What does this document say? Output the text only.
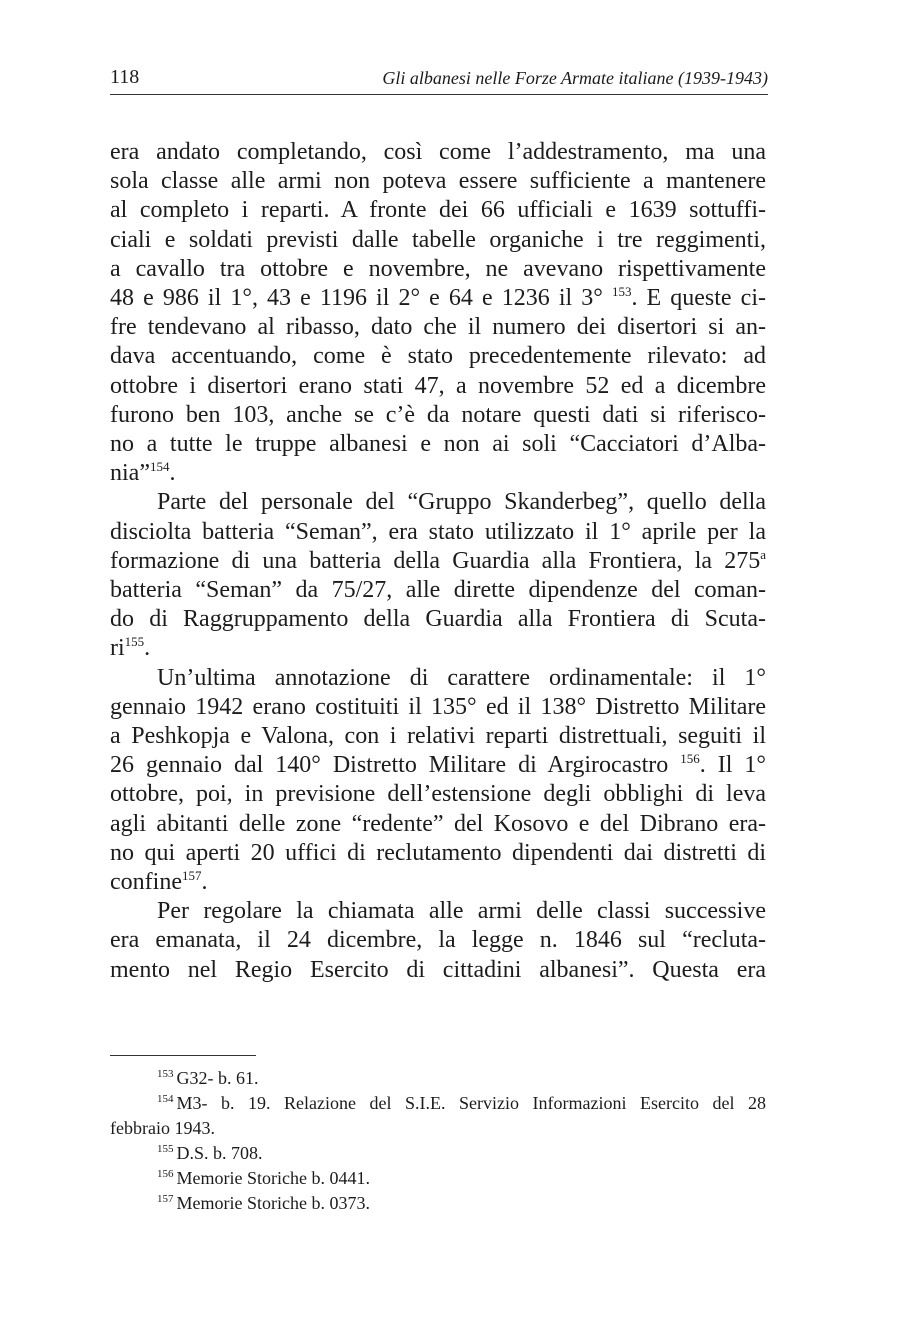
118	Gli albanesi nelle Forze Armate italiane (1939-1943)

era andato completando, così come l’addestramento, ma una
sola classe alle armi non poteva essere sufficiente a mantenere
al completo i reparti. A fronte dei 66 ufficiali e 1639 sottuffi-
ciali e soldati previsti dalle tabelle organiche i tre reggimenti,
a cavallo tra ottobre e novembre, ne avevano rispettivamente
48 e 986 il 1°, 43 e 1196 il 2° e 64 e 1236 il 3° $^{153}$. E queste ci-
fre tendevano al ribasso, dato che il numero dei disertori si an-
dava accentuando, come è stato precedentemente rilevato: ad
ottobre i disertori erano stati 47, a novembre 52 ed a dicembre
furono ben 103, anche se c’è da notare questi dati si riferisco-
no a tutte le truppe albanesi e non ai soli “Cacciatori d’Alba-
nia”$^{154}$.

Parte del personale del “Gruppo Skanderbeg”, quello della
disciolta batteria “Seman”, era stato utilizzato il 1° aprile per la
formazione di una batteria della Guardia alla Frontiera, la 275$^a$
batteria “Seman” da 75/27, alle dirette dipendenze del coman-
do di Raggruppamento della Guardia alla Frontiera di Scuta-
$ri^{155}$.

Un’ultima annotazione di carattere ordinamentale: il 1°
gennaio 1942 erano costituiti il 135° ed il 138° Distretto Militare
a Peshkopja e Valona, con i relativi reparti distrettuali, seguiti il
26 gennaio dal 140° Distretto Militare di Argirocastro $^{156}$. Il 1°
ottobre, poi, in previsione dell’estensione degli obblighi di leva
agli abitanti delle zone “redente” del Kosovo e del Dibrano era-
no qui aperti 20 uffici di reclutamento dipendenti dai distretti di
confine$^{157}$.

Per regolare la chiamata alle armi delle classi successive
era emanata, il 24 dicembre, la legge n. 1846 sul “recluta-
mento nel Regio Esercito di cittadini albanesi”. Questa era

$^{153}$ G32- b. 61.

$^{154}$ M3- b. 19. Relazione del S.I.E. Servizio Informazioni Esercito del 28

febbraio 1943.

$^{155}$ D.S. b. 708.

$^{156}$ Memorie Storiche b. 0441.

$^{157}$ Memorie Storiche b. 0373.
